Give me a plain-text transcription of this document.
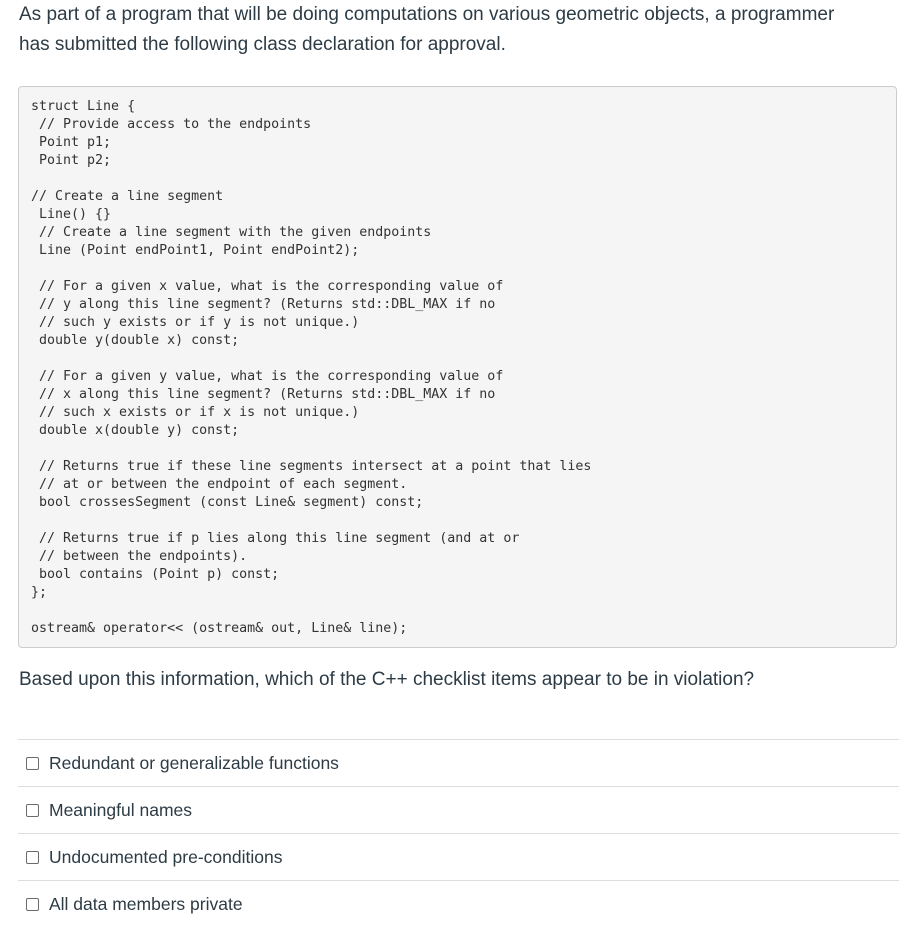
As part of a program that will be doing computations on various geometric objects, a programmer
has submitted the following class declaration for approval.
struct Line {
// Provide access to the endpoints
Point p1;
Point p2;

// Create a line segment
Line() {}
// Create a line segment with the given endpoints
Line (Point endPoint1, Point endPoint2);

// For a given x value, what is the corresponding value of
// y along this line segment? (Returns std::DBL_MAX if no
// such y exists or if y is not unique.)
double y(double x) const;

// For a given y value, what is the corresponding value of
// x along this line segment? (Returns std::DBL_MAX if no
// such x exists or if x is not unique.)
double x(double y) const;

// Returns true if these line segments intersect at a point that lies
// at or between the endpoint of each segment.
bool crossesSegment (const Line& segment) const;

// Returns true if p lies along this line segment (and at or
// between the endpoints).
bool contains (Point p) const;
};

ostream& operator<< (ostream& out, Line& line);

Based upon this information, which of the C++ checklist items appear to be in violation?
Redundant or generalizable functions
Meaningful names
Undocumented pre-conditions
All data members private
